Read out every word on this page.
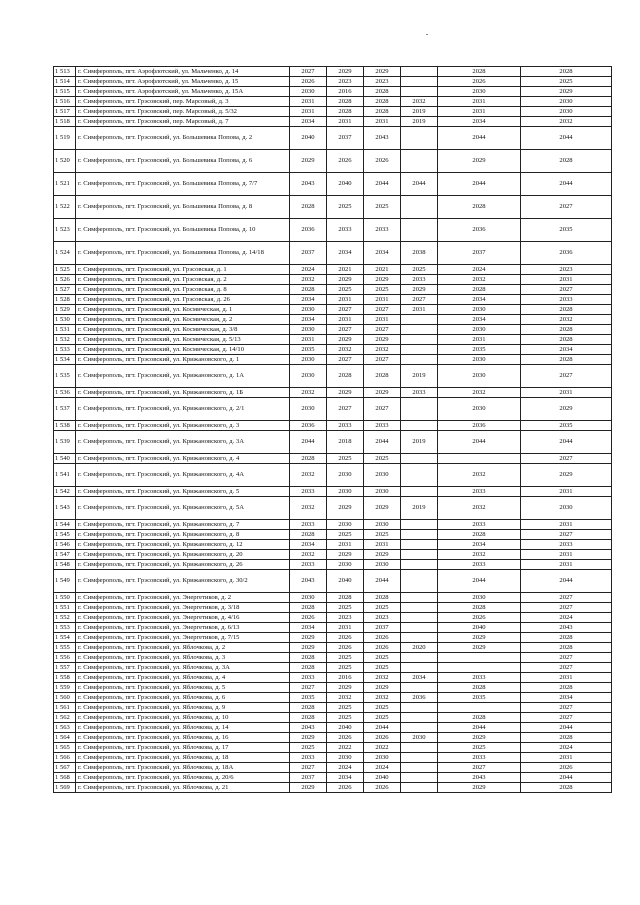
1 513	г. Симферополь, пгт. Аэрофлотский, ул. Мальченко, д. 14	2027	2029	2029		2028	2028
1 514	г. Симферополь, пгт. Аэрофлотский, ул. Мальченко, д. 15	2026	2023	2023		2026	2025
1 515	г. Симферополь, пгт. Аэрофлотский, ул. Мальченко, д. 15А	2030	2016	2028		2030	2029
1 516	г. Симферополь, пгт. Грэсовский, пер. Марсовый, д. 3	2031	2028	2028	2032	2031	2030
1 517	г. Симферополь, пгт. Грэсовский, пер. Марсовый, д. 5/32	2031	2028	2028	2019	2031	2030
1 518	г. Симферополь, пгт. Грэсовский, пер. Марсовый, д. 7	2034	2031	2031	2019	2034	2032
1 519	г. Симферополь, пгт. Грэсовский, ул. Большевика Попова, д. 2	2040	2037	2043		2044	2044
1 520	г. Симферополь, пгт. Грэсовский, ул. Большевика Попова, д. 6	2029	2026	2026		2029	2028
1 521	г. Симферополь, пгт. Грэсовский, ул. Большевика Попова, д. 7/7	2043	2040	2044	2044	2044	2044
1 522	г. Симферополь, пгт. Грэсовский, ул. Большевика Попова, д. 8	2028	2025	2025		2028	2027
1 523	г. Симферополь, пгт. Грэсовский, ул. Большевика Попова, д. 10	2036	2033	2033		2036	2035
1 524	г. Симферополь, пгт. Грэсовский, ул. Большевика Попова, д. 14/18	2037	2034	2034	2038	2037	2036
1 525	г. Симферополь, пгт. Грэсовский, ул. Грэсовская, д. 1	2024	2021	2021	2025	2024	2023
1 526	г. Симферополь, пгт. Грэсовский, ул. Грэсовская, д. 2	2032	2029	2029	2033	2032	2031
1 527	г. Симферополь, пгт. Грэсовский, ул. Грэсовская, д. 8	2028	2025	2025	2029	2028	2027
1 528	г. Симферополь, пгт. Грэсовский, ул. Грэсовская, д. 26	2034	2031	2031	2027	2034	2033
1 529	г. Симферополь, пгт. Грэсовский, ул. Космическая, д. 1	2030	2027	2027	2031	2030	2028
1 530	г. Симферополь, пгт. Грэсовский, ул. Космическая, д. 2	2034	2031	2031		2034	2032
1 531	г. Симферополь, пгт. Грэсовский, ул. Космическая, д. 3/8	2030	2027	2027		2030	2028
1 532	г. Симферополь, пгт. Грэсовский, ул. Космическая, д. 5/13	2031	2029	2029		2031	2028
1 533	г. Симферополь, пгт. Грэсовский, ул. Космическая, д. 14/10	2035	2032	2032		2035	2034
1 534	г. Симферополь, пгт. Грэсовский, ул. Крижановского, д. 1	2030	2027	2027		2030	2028
1 535	г. Симферополь, пгт. Грэсовский, ул. Крижановского, д. 1А	2030	2028	2028	2019	2030	2027
1 536	г. Симферополь, пгт. Грэсовский, ул. Крижановского, д. 1Б	2032	2029	2029	2033	2032	2031
1 537	г. Симферополь, пгт. Грэсовский, ул. Крижановского, д. 2/1	2030	2027	2027		2030	2029
1 538	г. Симферополь, пгт. Грэсовский, ул. Крижановского, д. 3	2036	2033	2033		2036	2035
1 539	г. Симферополь, пгт. Грэсовский, ул. Крижановского, д. 3А	2044	2018	2044	2019	2044	2044
1 540	г. Симферополь, пгт. Грэсовский, ул. Крижановского, д. 4	2028	2025	2025			2027
1 541	г. Симферополь, пгт. Грэсовский, ул. Крижановского, д. 4А	2032	2030	2030		2032	2029
1 542	г. Симферополь, пгт. Грэсовский, ул. Крижановского, д. 5	2033	2030	2030		2033	2031
1 543	г. Симферополь, пгт. Грэсовский, ул. Крижановского, д. 5А	2032	2029	2029	2019	2032	2030
1 544	г. Симферополь, пгт. Грэсовский, ул. Крижановского, д. 7	2033	2030	2030		2033	2031
1 545	г. Симферополь, пгт. Грэсовский, ул. Крижановского, д. 8	2028	2025	2025		2028	2027
1 546	г. Симферополь, пгт. Грэсовский, ул. Крижановского, д. 12	2034	2031	2031		2034	2033
1 547	г. Симферополь, пгт. Грэсовский, ул. Крижановского, д. 20	2032	2029	2029		2032	2031
1 548	г. Симферополь, пгт. Грэсовский, ул. Крижановского, д. 26	2033	2030	2030		2033	2031
1 549	г. Симферополь, пгт. Грэсовский, ул. Крижановского, д. 30/2	2043	2040	2044		2044	2044
1 550	г. Симферополь, пгт. Грэсовский, ул. Энергетиков, д. 2	2030	2028	2028		2030	2027
1 551	г. Симферополь, пгт. Грэсовский, ул. Энергетиков, д. 3/18	2028	2025	2025		2028	2027
1 552	г. Симферополь, пгт. Грэсовский, ул. Энергетиков, д. 4/16	2026	2023	2023		2026	2024
1 553	г. Симферополь, пгт. Грэсовский, ул. Энергетиков, д. 6/13	2034	2031	2037		2040	2043
1 554	г. Симферополь, пгт. Грэсовский, ул. Энергетиков, д. 7/15	2029	2026	2026		2029	2028
1 555	г. Симферополь, пгт. Грэсовский, ул. Яблочкова, д. 2	2029	2026	2026	2020	2029	2028
1 556	г. Симферополь, пгт. Грэсовский, ул. Яблочкова, д. 3	2028	2025	2025			2027
1 557	г. Симферополь, пгт. Грэсовский, ул. Яблочкова, д. 3А	2028	2025	2025			2027
1 558	г. Симферополь, пгт. Грэсовский, ул. Яблочкова, д. 4	2033	2016	2032	2034	2033	2031
1 559	г. Симферополь, пгт. Грэсовский, ул. Яблочкова, д. 5	2027	2029	2029		2028	2028
1 560	г. Симферополь, пгт. Грэсовский, ул. Яблочкова, д. 6	2035	2032	2032	2036	2035	2034
1 561	г. Симферополь, пгт. Грэсовский, ул. Яблочкова, д. 9	2028	2025	2025			2027
1 562	г. Симферополь, пгт. Грэсовский, ул. Яблочкова, д. 10	2028	2025	2025		2028	2027
1 563	г. Симферополь, пгт. Грэсовский, ул. Яблочкова, д. 14	2043	2040	2044		2044	2044
1 564	г. Симферополь, пгт. Грэсовский, ул. Яблочкова, д. 16	2029	2026	2026	2030	2029	2028
1 565	г. Симферополь, пгт. Грэсовский, ул. Яблочкова, д. 17	2025	2022	2022		2025	2024
1 566	г. Симферополь, пгт. Грэсовский, ул. Яблочкова, д. 18	2033	2030	2030		2033	2031
1 567	г. Симферополь, пгт. Грэсовский, ул. Яблочкова, д. 18А	2027	2024	2024		2027	2026
1 568	г. Симферополь, пгт. Грэсовский, ул. Яблочкова, д. 20/6	2037	2034	2040		2043	2044
1 569	г. Симферополь, пгт. Грэсовский, ул. Яблочкова, д. 21	2029	2026	2026		2029	2028
